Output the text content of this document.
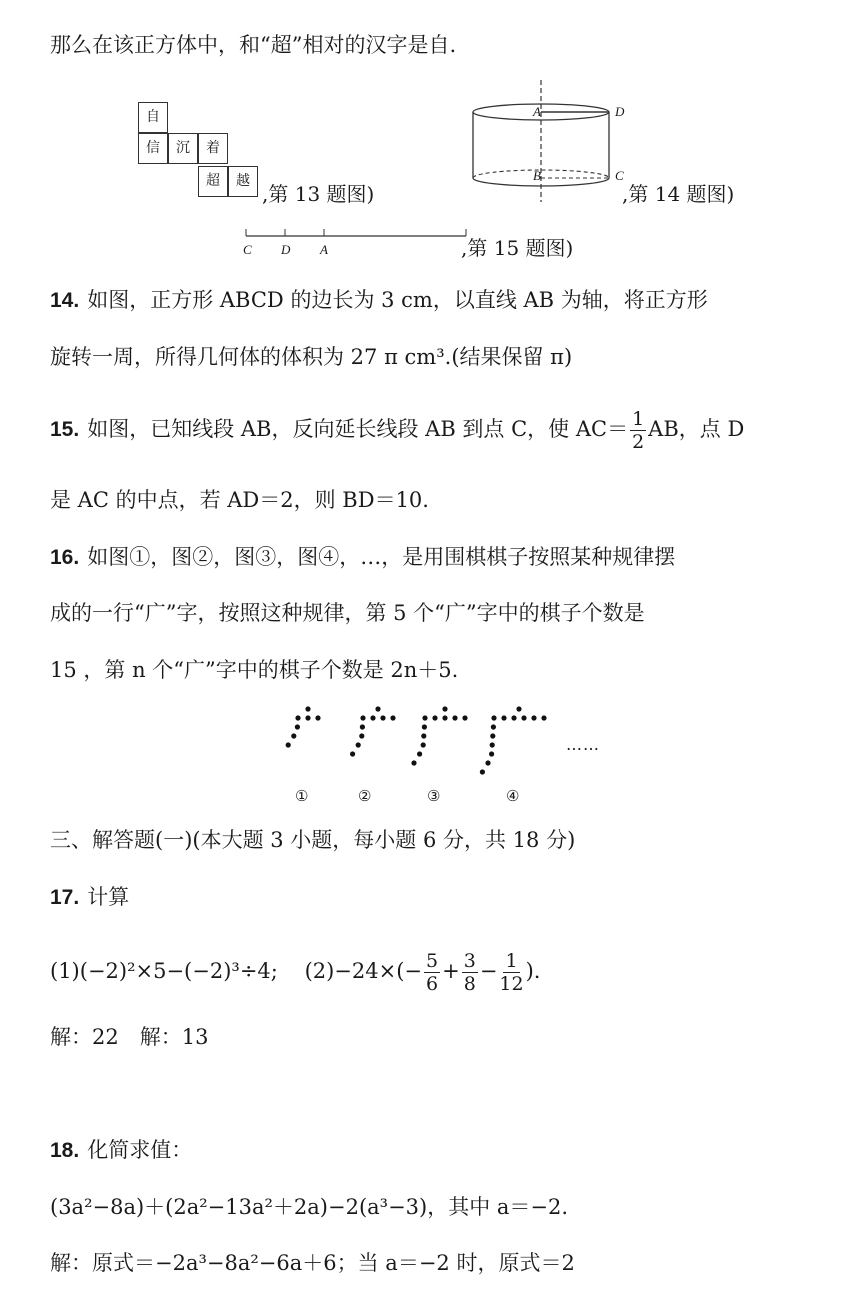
那么在该正方体中，和“超”相对的汉字是自.
自
信	沉	着
超	越
,第 13 题图)
A	D
B	C
,第 14 题图)
C D A	,第 15 题图)
14. 如图，正方形 ABCD 的边长为 3 cm，以直线 AB 为轴，将正方形
旋转一周，所得几何体的体积为 27 π cm³.(结果保留 π)
15. 如图，已知线段 AB，反向延长线段 AB 到点 C，使 $AC= \frac{1}{2}$ AB，点 D
是 AC 的中点，若 AD＝2，则 BD＝10.
16. 如图①，图②，图③，图④，…，是用围棋棋子按照某种规律摆
成的一行“广”字，按照这种规律，第 5 个“广”字中的棋子个数是
15 ，第 n 个“广”字中的棋子个数是 2n＋5.
①	②	③	④
……
三、解答题(一)(本大题 3 小题，每小题 6 分，共 18 分)
17. 计算
(1)(−2)²×5−(−2)³÷4; $(2)-24\times(- \frac{5}{6} + \frac{3}{8} - \frac{1}{12}$ ).
解：22　解：13
18. 化简求值：
(3a²−8a)＋(2a²−13a²＋2a)−2(a³−3)，其中 a＝−2.
解：原式＝−2a³−8a²−6a＋6；当 a＝−2 时，原式＝2
